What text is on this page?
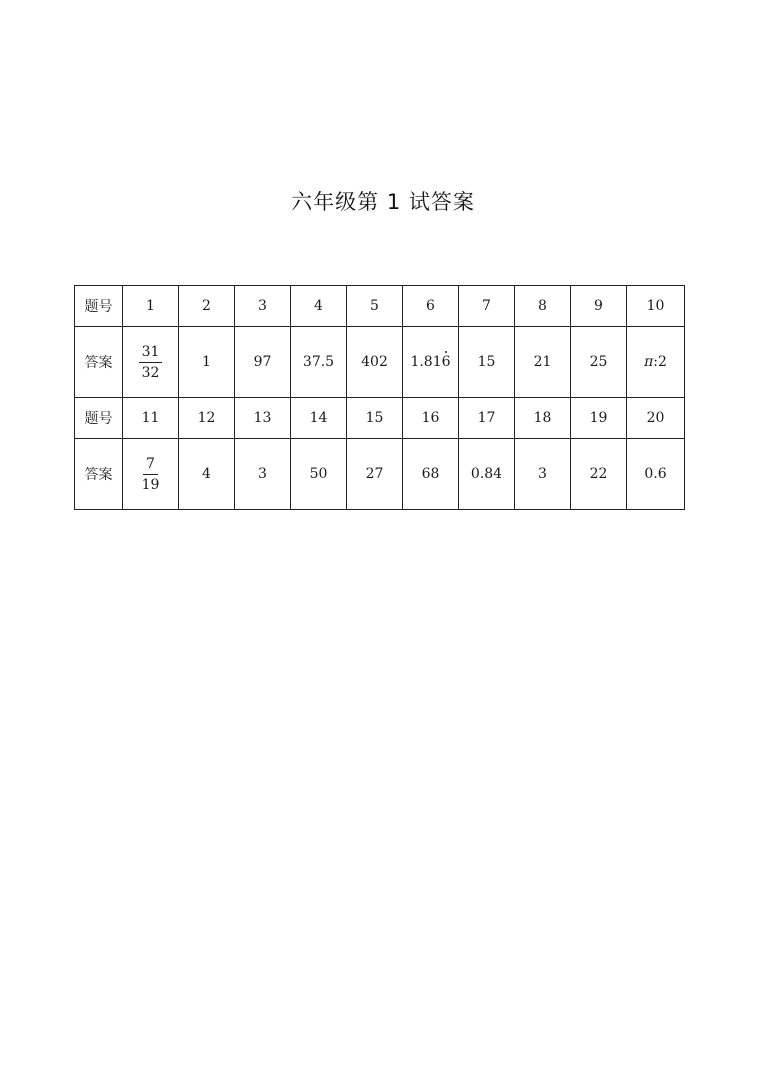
六年级第 1 试答案
题号	1	2	3	4	5	6	7	8	9	10
答案	$\frac{31}{32}$	1	97	37.5	402	1.816	15	21	25	π:2
题号	11	12	13	14	15	16	17	18	19	20
答案	$\frac{7}{19}$	4	3	50	27	68	0.84	3	22	0.6
